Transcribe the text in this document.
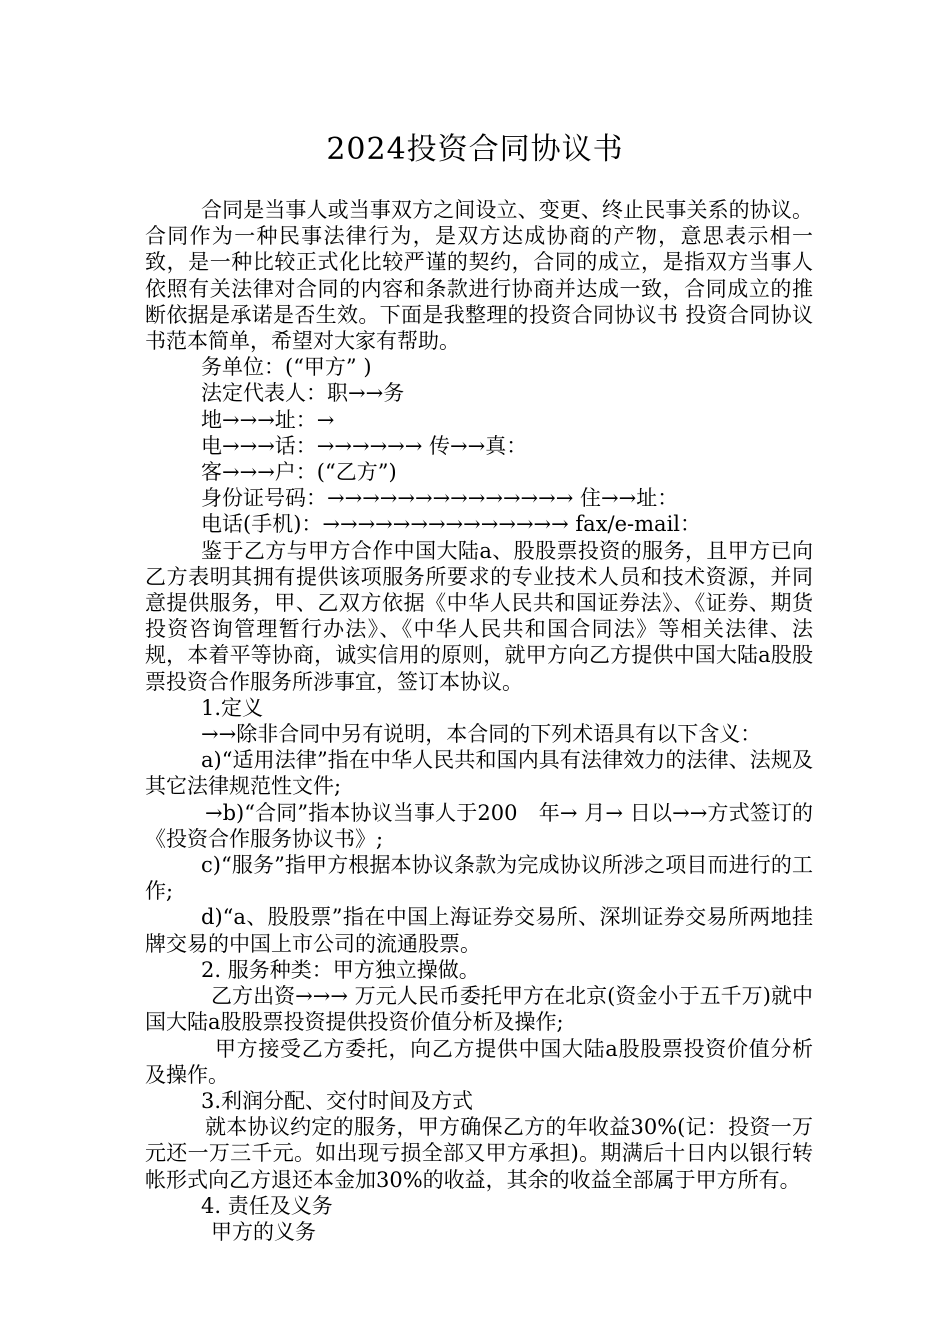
2024投资合同协议书

合同是当事人或当事双方之间设立、变更、终止民事关系的协议。合同作为一种民事法律行为，是双方达成协商的产物，意思表示相一致，是一种比较正式化比较严谨的契约，合同的成立，是指双方当事人依照有关法律对合同的内容和条款进行协商并达成一致，合同成立的推断依据是承诺是否生效。下面是我整理的投资合同协议书 投资合同协议书范本简单，希望对大家有帮助。

务单位：(“甲方” )

法定代表人：职→→务

地→→→址：→

电→→→话：→→→→→→ 传→→真：

客→→→户：(“乙方”)

身份证号码：→→→→→→→→→→→→→→ 住→→址：

电话(手机)：→→→→→→→→→→→→→→ fax/e-mail：

鉴于乙方与甲方合作中国大陆a、股股票投资的服务，且甲方已向乙方表明其拥有提供该项服务所要求的专业技术人员和技术资源，并同意提供服务，甲、乙双方依据《中华人民共和国证券法》、《证券、期货投资咨询管理暂行办法》、《中华人民共和国合同法》等相关法律、法规，本着平等协商，诚实信用的原则，就甲方向乙方提供中国大陆a股股票投资合作服务所涉事宜，签订本协议。

1.定义

→→除非合同中另有说明，本合同的下列术语具有以下含义：

a)“适用法律”指在中华人民共和国内具有法律效力的法律、法规及其它法律规范性文件;

→b)“合同”指本协议当事人于200　年→ 月→ 日以→→方式签订的《投资合作服务协议书》;

c)“服务”指甲方根据本协议条款为完成协议所涉之项目而进行的工作;

d)“a、股股票”指在中国上海证券交易所、深圳证券交易所两地挂牌交易的中国上市公司的流通股票。

2. 服务种类：甲方独立操做。

乙方出资→→→ 万元人民币委托甲方在北京(资金小于五千万)就中国大陆a股股票投资提供投资价值分析及操作;

甲方接受乙方委托，向乙方提供中国大陆a股股票投资价值分析及操作。

3.利润分配、交付时间及方式

就本协议约定的服务，甲方确保乙方的年收益30%(记：投资一万元还一万三千元。如出现亏损全部又甲方承担)。期满后十日内以银行转帐形式向乙方退还本金加30%的收益，其余的收益全部属于甲方所有。

4. 责任及义务

甲方的义务
